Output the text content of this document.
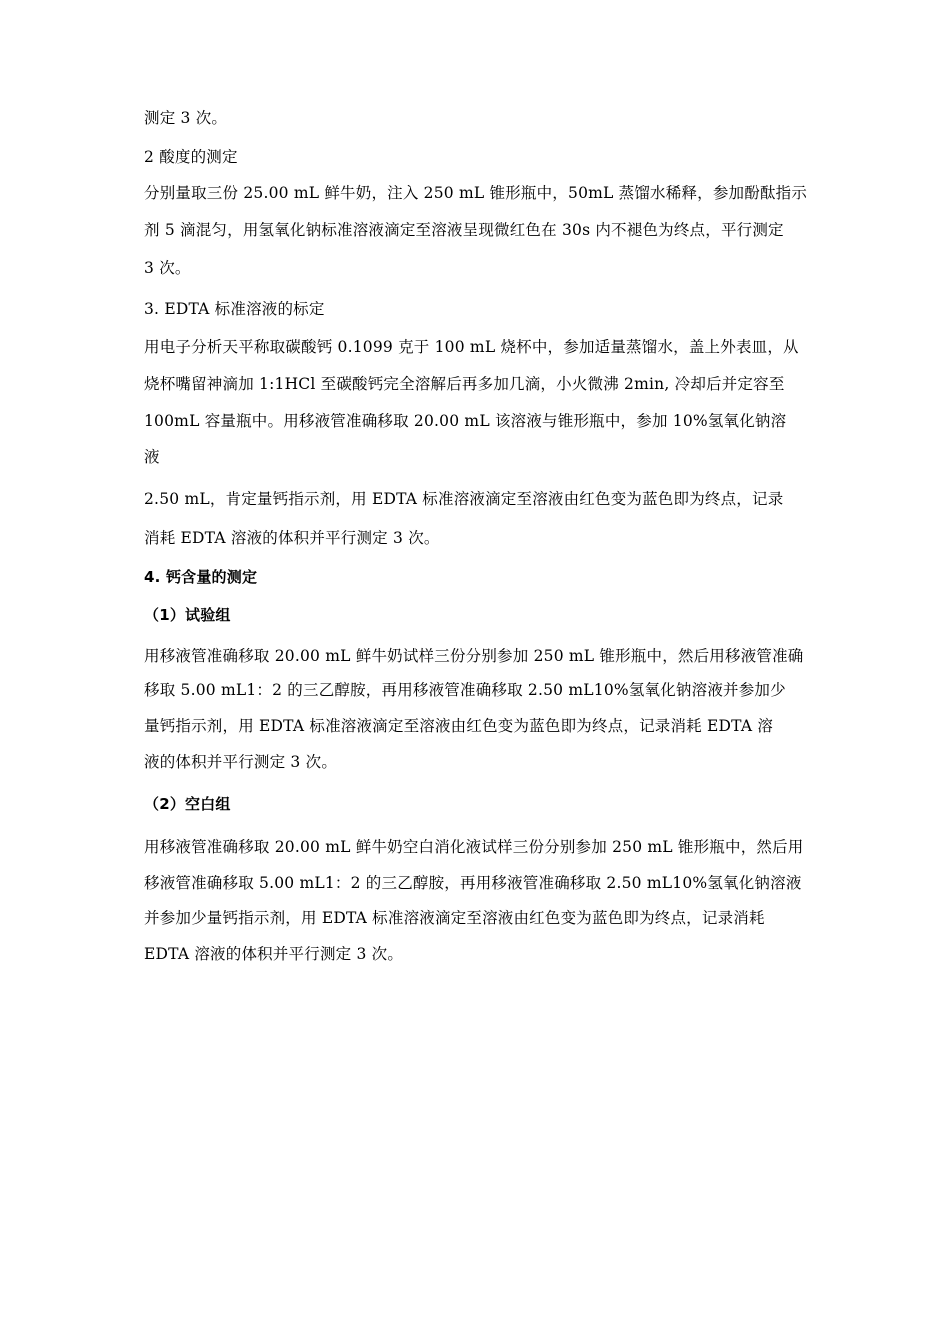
测定 3 次。

2 酸度的测定

分别量取三份 25.00 mL 鲜牛奶，注入 250 mL 锥形瓶中，50mL 蒸馏水稀释，参加酚酞指示

剂 5 滴混匀，用氢氧化钠标准溶液滴定至溶液呈现微红色在 30s 内不褪色为终点，平行测定

3 次。

3. EDTA 标准溶液的标定

用电子分析天平称取碳酸钙 0.1099 克于 100 mL 烧杯中，参加适量蒸馏水，盖上外表皿，从

烧杯嘴留神滴加 1:1HCl 至碳酸钙完全溶解后再多加几滴，小火微沸 2min, 冷却后并定容至

100mL 容量瓶中。用移液管准确移取 20.00 mL 该溶液与锥形瓶中，参加 10%氢氧化钠溶

液

2.50 mL，肯定量钙指示剂，用 EDTA 标准溶液滴定至溶液由红色变为蓝色即为终点，记录

消耗 EDTA 溶液的体积并平行测定 3 次。

4. 钙含量的测定

（1）试验组

用移液管准确移取 20.00 mL 鲜牛奶试样三份分别参加 250 mL 锥形瓶中，然后用移液管准确

移取 5.00 mL1：2 的三乙醇胺，再用移液管准确移取 2.50 mL10%氢氧化钠溶液并参加少

量钙指示剂，用 EDTA 标准溶液滴定至溶液由红色变为蓝色即为终点，记录消耗 EDTA 溶

液的体积并平行测定 3 次。

（2）空白组

用移液管准确移取 20.00 mL 鲜牛奶空白消化液试样三份分别参加 250 mL 锥形瓶中，然后用

移液管准确移取 5.00 mL1：2 的三乙醇胺，再用移液管准确移取 2.50 mL10%氢氧化钠溶液

并参加少量钙指示剂，用 EDTA 标准溶液滴定至溶液由红色变为蓝色即为终点，记录消耗

EDTA 溶液的体积并平行测定 3 次。
